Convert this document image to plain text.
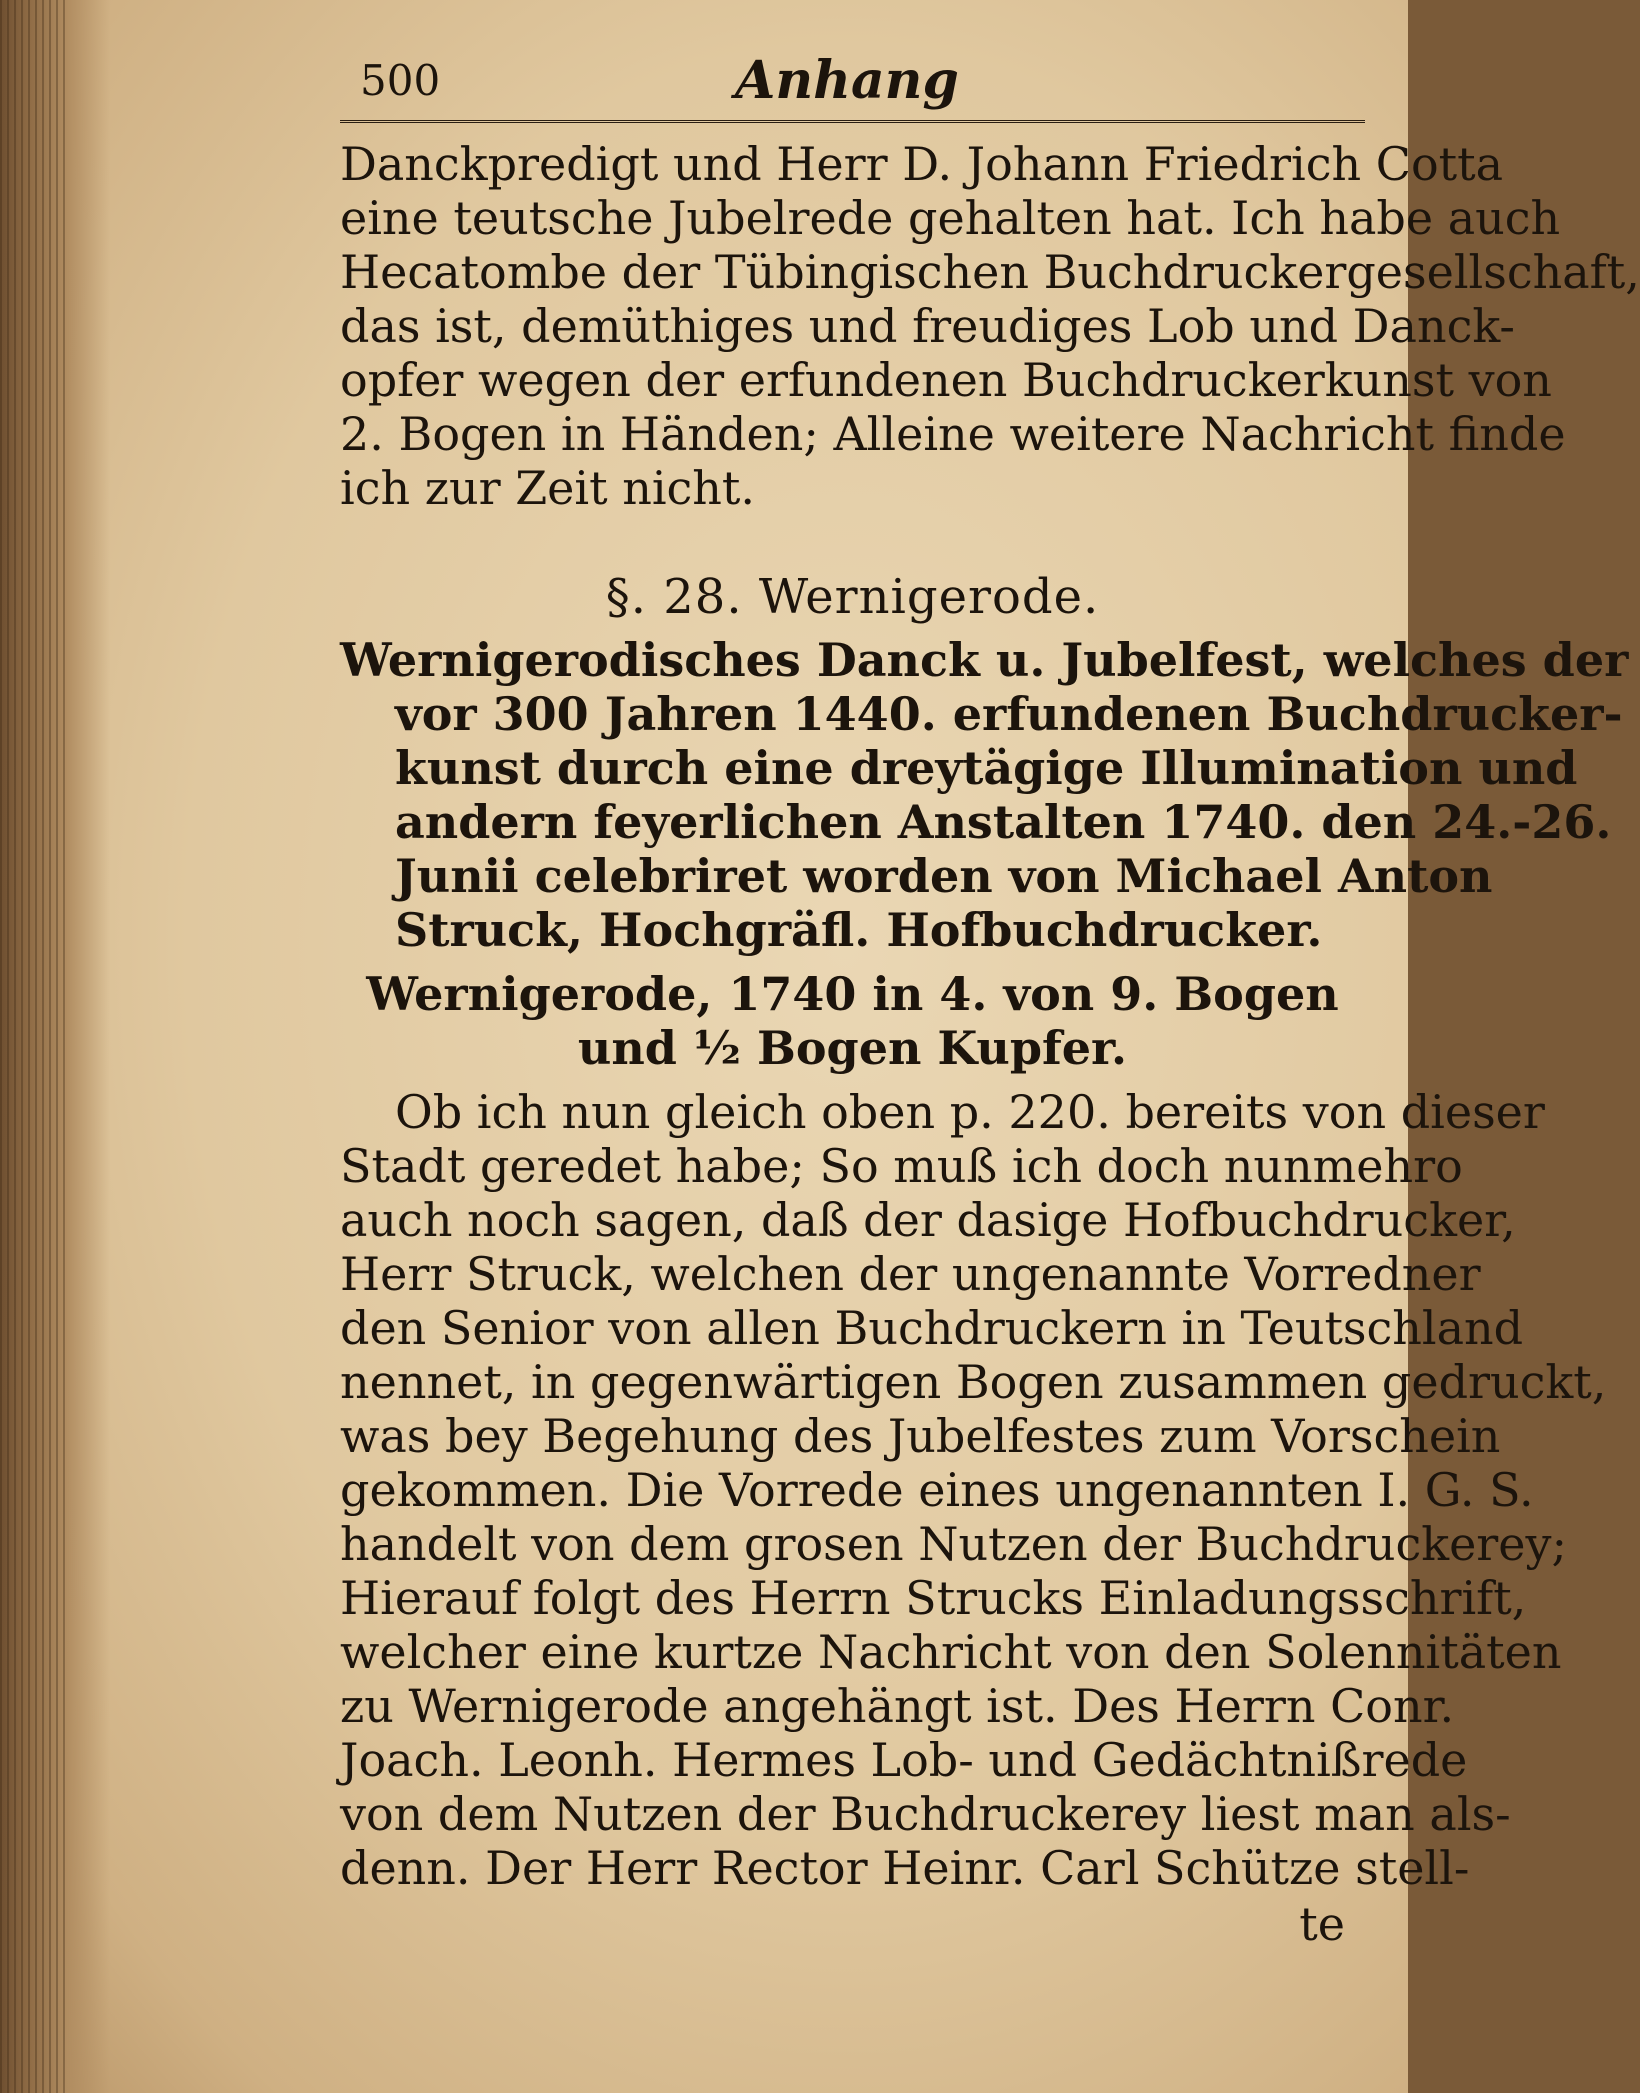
500	Anhang
Danckpredigt und Herr D. Johann Friedrich Cotta
eine teutsche Jubelrede gehalten hat. Ich habe auch
Hecatombe der Tübingischen Buchdruckergesellschaft,
das ist, demüthiges und freudiges Lob und Danck-
opfer wegen der erfundenen Buchdruckerkunst von
2. Bogen in Händen; Alleine weitere Nachricht finde
ich zur Zeit nicht.
§. 28. Wernigerode.
Wernigerodisches Danck u. Jubelfest, welches der
vor 300 Jahren 1440. erfundenen Buchdrucker-
kunst durch eine dreytägige Illumination und
andern feyerlichen Anstalten 1740. den 24.-26.
Junii celebriret worden von Michael Anton
Struck, Hochgräfl. Hofbuchdrucker.
Wernigerode, 1740 in 4. von 9. Bogen
und ½ Bogen Kupfer.
Ob ich nun gleich oben p. 220. bereits von dieser
Stadt geredet habe; So muß ich doch nunmehro
auch noch sagen, daß der dasige Hofbuchdrucker,
Herr Struck, welchen der ungenannte Vorredner
den Senior von allen Buchdruckern in Teutschland
nennet, in gegenwärtigen Bogen zusammen gedruckt,
was bey Begehung des Jubelfestes zum Vorschein
gekommen. Die Vorrede eines ungenannten I. G. S.
handelt von dem grosen Nutzen der Buchdruckerey;
Hierauf folgt des Herrn Strucks Einladungsschrift,
welcher eine kurtze Nachricht von den Solennitäten
zu Wernigerode angehängt ist. Des Herrn Conr.
Joach. Leonh. Hermes Lob- und Gedächtnißrede
von dem Nutzen der Buchdruckerey liest man als-
denn. Der Herr Rector Heinr. Carl Schütze stell-
te
